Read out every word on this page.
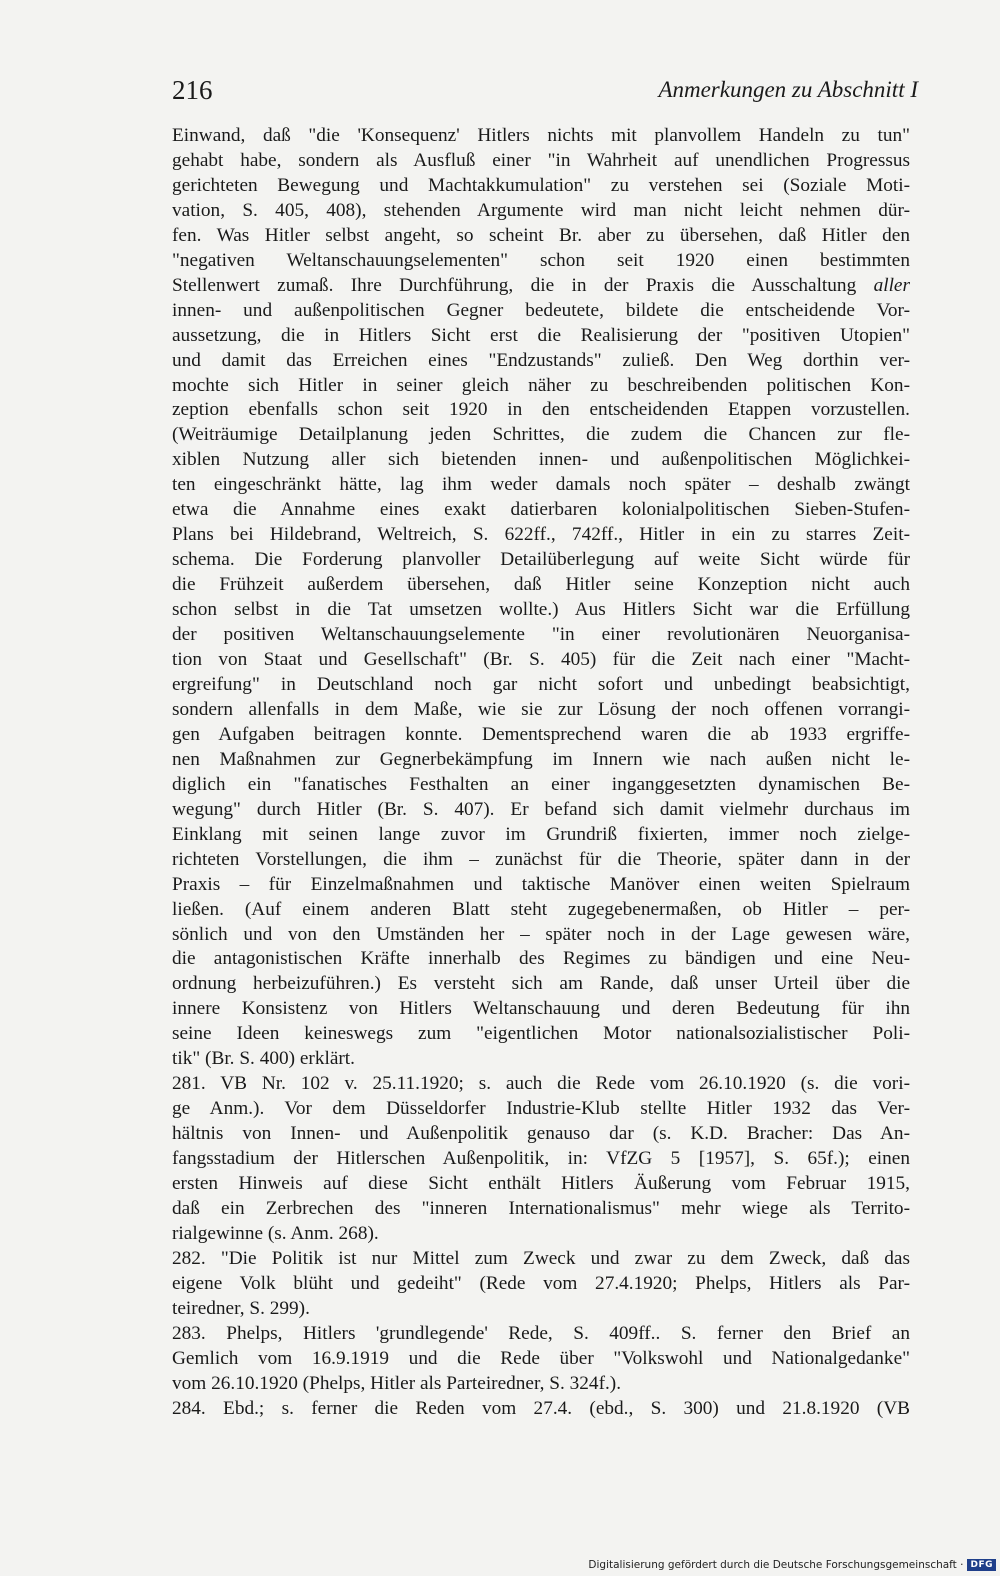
216	Anmerkungen zu Abschnitt I
Einwand, daß "die 'Konsequenz' Hitlers nichts mit planvollem Handeln zu tun"
gehabt habe, sondern als Ausfluß einer "in Wahrheit auf unendlichen Progressus
gerichteten Bewegung und Machtakkumulation" zu verstehen sei (Soziale Moti-
vation, S. 405, 408), stehenden Argumente wird man nicht leicht nehmen dür-
fen. Was Hitler selbst angeht, so scheint Br. aber zu übersehen, daß Hitler den
"negativen Weltanschauungselementen" schon seit 1920 einen bestimmten
Stellenwert zumaß. Ihre Durchführung, die in der Praxis die Ausschaltung aller
innen- und außenpolitischen Gegner bedeutete, bildete die entscheidende Vor-
aussetzung, die in Hitlers Sicht erst die Realisierung der "positiven Utopien"
und damit das Erreichen eines "Endzustands" zuließ. Den Weg dorthin ver-
mochte sich Hitler in seiner gleich näher zu beschreibenden politischen Kon-
zeption ebenfalls schon seit 1920 in den entscheidenden Etappen vorzustellen.
(Weiträumige Detailplanung jeden Schrittes, die zudem die Chancen zur fle-
xiblen Nutzung aller sich bietenden innen- und außenpolitischen Möglichkei-
ten eingeschränkt hätte, lag ihm weder damals noch später – deshalb zwängt
etwa die Annahme eines exakt datierbaren kolonialpolitischen Sieben-Stufen-
Plans bei Hildebrand, Weltreich, S. 622ff., 742ff., Hitler in ein zu starres Zeit-
schema. Die Forderung planvoller Detailüberlegung auf weite Sicht würde für
die Frühzeit außerdem übersehen, daß Hitler seine Konzeption nicht auch
schon selbst in die Tat umsetzen wollte.) Aus Hitlers Sicht war die Erfüllung
der positiven Weltanschauungselemente "in einer revolutionären Neuorganisa-
tion von Staat und Gesellschaft" (Br. S. 405) für die Zeit nach einer "Macht-
ergreifung" in Deutschland noch gar nicht sofort und unbedingt beabsichtigt,
sondern allenfalls in dem Maße, wie sie zur Lösung der noch offenen vorrangi-
gen Aufgaben beitragen konnte. Dementsprechend waren die ab 1933 ergriffe-
nen Maßnahmen zur Gegnerbekämpfung im Innern wie nach außen nicht le-
diglich ein "fanatisches Festhalten an einer inganggesetzten dynamischen Be-
wegung" durch Hitler (Br. S. 407). Er befand sich damit vielmehr durchaus im
Einklang mit seinen lange zuvor im Grundriß fixierten, immer noch zielge-
richteten Vorstellungen, die ihm – zunächst für die Theorie, später dann in der
Praxis – für Einzelmaßnahmen und taktische Manöver einen weiten Spielraum
ließen. (Auf einem anderen Blatt steht zugegebenermaßen, ob Hitler – per-
sönlich und von den Umständen her – später noch in der Lage gewesen wäre,
die antagonistischen Kräfte innerhalb des Regimes zu bändigen und eine Neu-
ordnung herbeizuführen.) Es versteht sich am Rande, daß unser Urteil über die
innere Konsistenz von Hitlers Weltanschauung und deren Bedeutung für ihn
seine Ideen keineswegs zum "eigentlichen Motor nationalsozialistischer Poli-
tik" (Br. S. 400) erklärt.
281. VB Nr. 102 v. 25.11.1920; s. auch die Rede vom 26.10.1920 (s. die vori-
ge Anm.). Vor dem Düsseldorfer Industrie-Klub stellte Hitler 1932 das Ver-
hältnis von Innen- und Außenpolitik genauso dar (s. K.D. Bracher: Das An-
fangsstadium der Hitlerschen Außenpolitik, in: VfZG 5 [1957], S. 65f.); einen
ersten Hinweis auf diese Sicht enthält Hitlers Äußerung vom Februar 1915,
daß ein Zerbrechen des "inneren Internationalismus" mehr wiege als Territo-
rialgewinne (s. Anm. 268).
282. "Die Politik ist nur Mittel zum Zweck und zwar zu dem Zweck, daß das
eigene Volk blüht und gedeiht" (Rede vom 27.4.1920; Phelps, Hitlers als Par-
teiredner, S. 299).
283. Phelps, Hitlers 'grundlegende' Rede, S. 409ff.. S. ferner den Brief an
Gemlich vom 16.9.1919 und die Rede über "Volkswohl und Nationalgedanke"
vom 26.10.1920 (Phelps, Hitler als Parteiredner, S. 324f.).
284. Ebd.; s. ferner die Reden vom 27.4. (ebd., S. 300) und 21.8.1920 (VB
Digitalisierung gefördert durch die Deutsche Forschungsgemeinschaft · DFG
